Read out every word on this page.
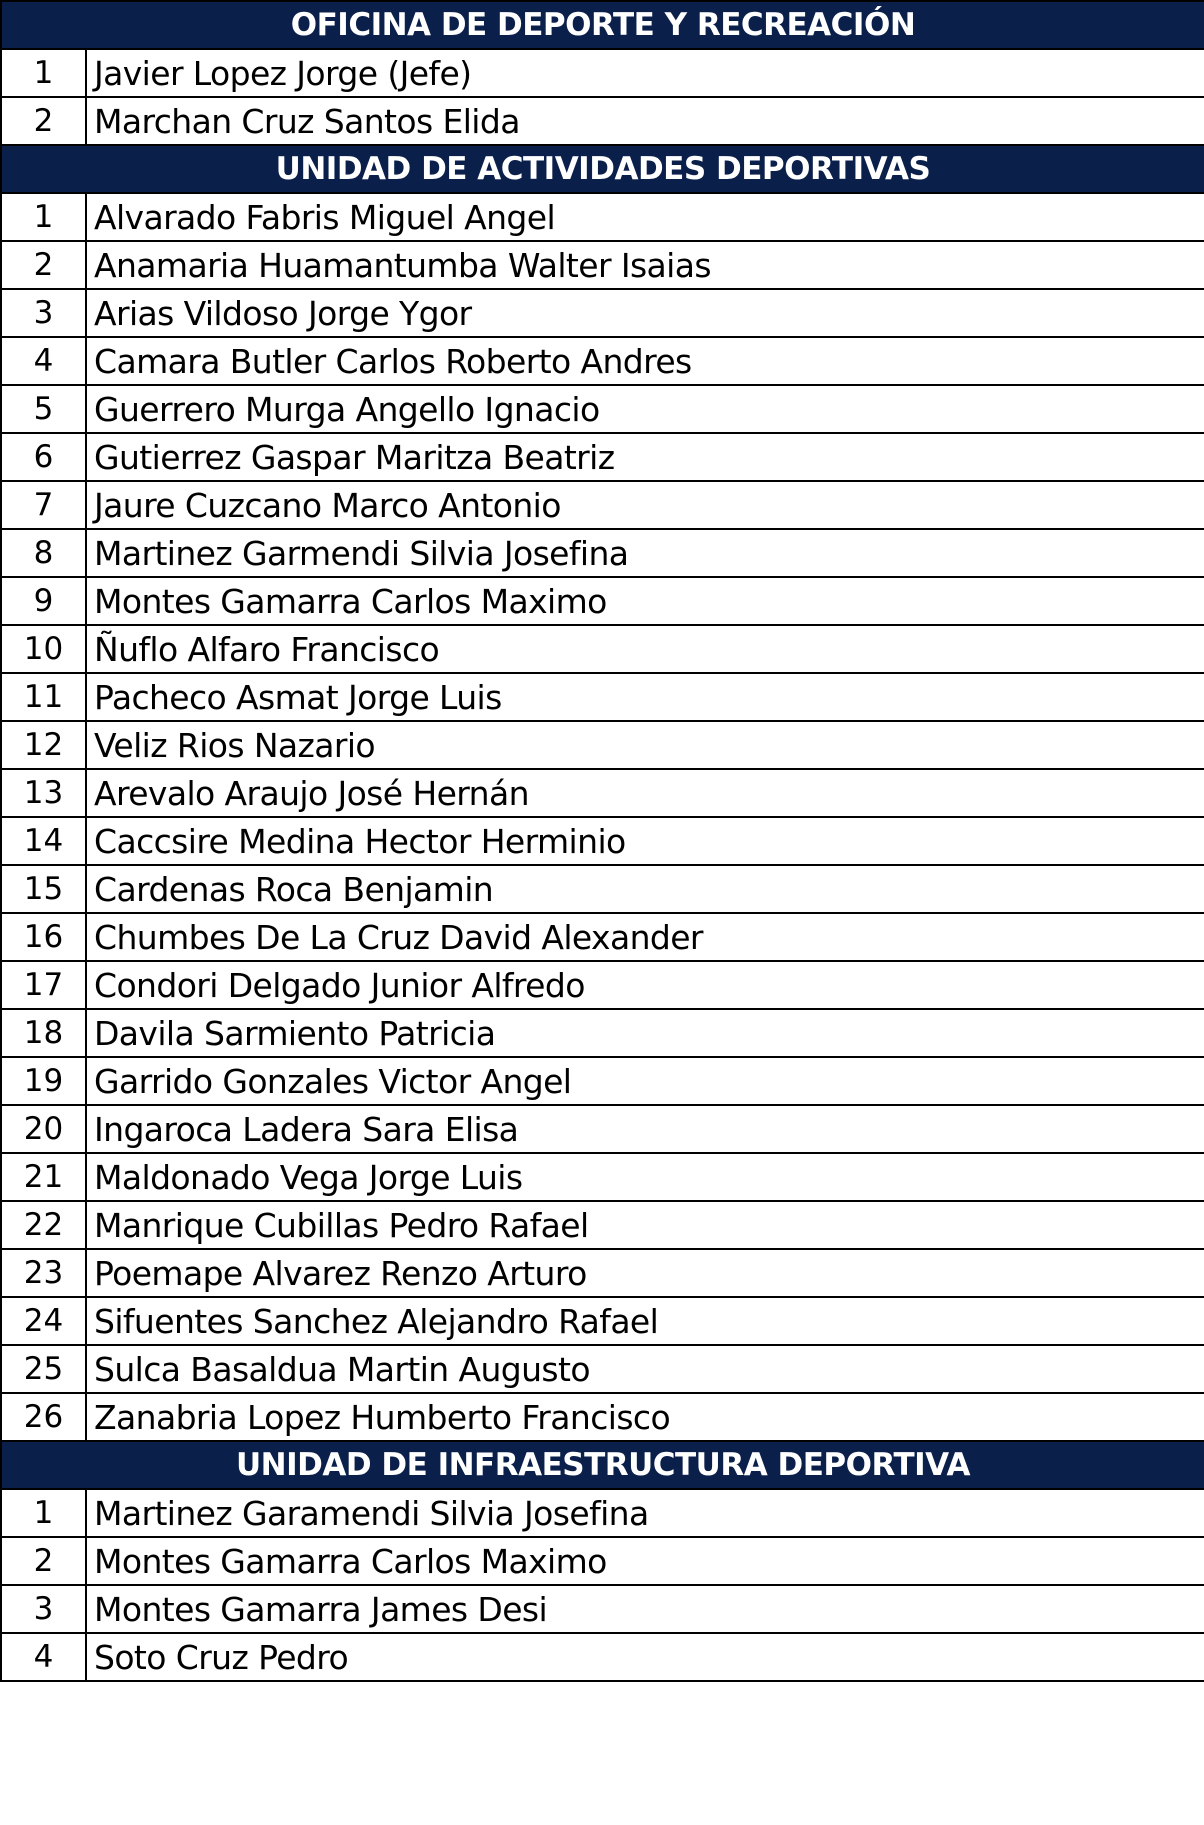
OFICINA DE DEPORTE Y RECREACIÓN	
1	Javier Lopez Jorge (Jefe)
2	Marchan Cruz Santos Elida
UNIDAD DE ACTIVIDADES DEPORTIVAS	
1	Alvarado Fabris Miguel Angel
2	Anamaria Huamantumba Walter Isaias
3	Arias Vildoso Jorge Ygor
4	Camara Butler Carlos Roberto Andres
5	Guerrero Murga Angello Ignacio
6	Gutierrez Gaspar Maritza Beatriz
7	Jaure Cuzcano Marco Antonio
8	Martinez Garmendi Silvia Josefina
9	Montes Gamarra Carlos Maximo
10	Ñuflo Alfaro Francisco
11	Pacheco Asmat Jorge Luis
12	Veliz Rios Nazario
13	Arevalo Araujo José Hernán
14	Caccsire Medina Hector Herminio
15	Cardenas Roca Benjamin
16	Chumbes De La Cruz David Alexander
17	Condori Delgado Junior Alfredo
18	Davila Sarmiento Patricia
19	Garrido Gonzales Victor Angel
20	Ingaroca Ladera Sara Elisa
21	Maldonado Vega Jorge Luis
22	Manrique Cubillas Pedro Rafael
23	Poemape Alvarez Renzo Arturo
24	Sifuentes Sanchez Alejandro Rafael
25	Sulca Basaldua Martin Augusto
26	Zanabria Lopez Humberto Francisco
UNIDAD DE INFRAESTRUCTURA DEPORTIVA	
1	Martinez Garamendi Silvia Josefina
2	Montes Gamarra Carlos Maximo
3	Montes Gamarra James Desi
4	Soto Cruz Pedro
